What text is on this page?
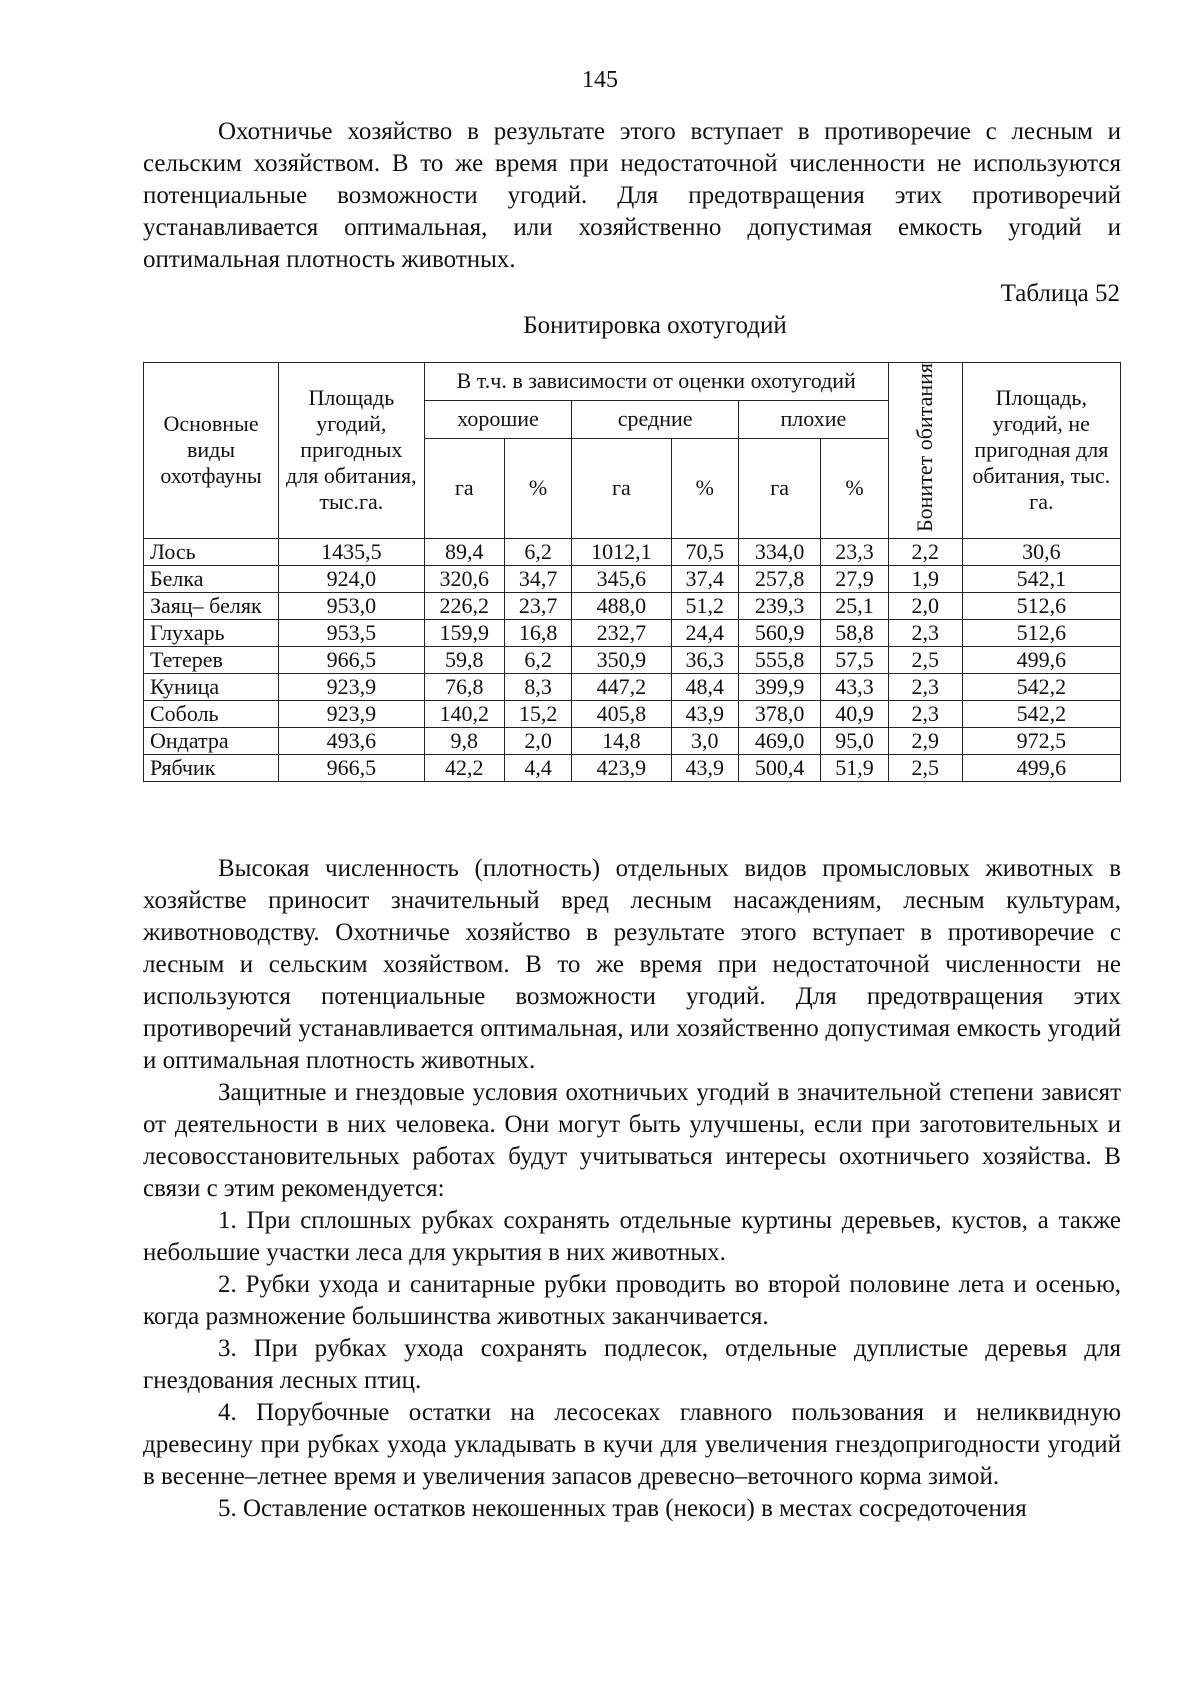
145

Охотничье хозяйство в результате этого вступает в противоречие с лесным и сельским хозяйством. В то же время при недостаточной численности не используются потенциальные возможности угодий. Для предотвращения этих противоречий устанавливается оптимальная, или хозяйственно допустимая емкость угодий и оптимальная плотность животных.

Таблица 52
Бонитировка охотугодий
Основные виды охотфауны	Площадь угодий, пригодных для обитания, тыс.га.	В т.ч. в зависимости от оценки охотугодий						Бонитет обитания	Площадь, угодий, не пригодная для обитания, тыс. га.
		хорошие		средние		плохие			
		га	%	га	%	га	%		
Лось	1435,5	89,4	6,2	1012,1	70,5	334,0	23,3	2,2	30,6
Белка	924,0	320,6	34,7	345,6	37,4	257,8	27,9	1,9	542,1
Заяц– беляк	953,0	226,2	23,7	488,0	51,2	239,3	25,1	2,0	512,6
Глухарь	953,5	159,9	16,8	232,7	24,4	560,9	58,8	2,3	512,6
Тетерев	966,5	59,8	6,2	350,9	36,3	555,8	57,5	2,5	499,6
Куница	923,9	76,8	8,3	447,2	48,4	399,9	43,3	2,3	542,2
Соболь	923,9	140,2	15,2	405,8	43,9	378,0	40,9	2,3	542,2
Ондатра	493,6	9,8	2,0	14,8	3,0	469,0	95,0	2,9	972,5
Рябчик	966,5	42,2	4,4	423,9	43,9	500,4	51,9	2,5	499,6

Высокая численность (плотность) отдельных видов промысловых животных в хозяйстве приносит значительный вред лесным насаждениям, лесным культурам, животноводству. Охотничье хозяйство в результате этого вступает в противоречие с лесным и сельским хозяйством. В то же время при недостаточной численности не используются потенциальные возможности угодий. Для предотвращения этих противоречий устанавливается оптимальная, или хозяйственно допустимая емкость угодий и оптимальная плотность животных.

Защитные и гнездовые условия охотничьих угодий в значительной степени зависят от деятельности в них человека. Они могут быть улучшены, если при заготовительных и лесовосстановительных работах будут учитываться интересы охотничьего хозяйства. В связи с этим рекомендуется:

1. При сплошных рубках сохранять отдельные куртины деревьев, кустов, а также небольшие участки леса для укрытия в них животных.

2. Рубки ухода и санитарные рубки проводить во второй половине лета и осенью, когда размножение большинства животных заканчивается.

3. При рубках ухода сохранять подлесок, отдельные дуплистые деревья для гнездования лесных птиц.

4. Порубочные остатки на лесосеках главного пользования и неликвидную древесину при рубках ухода укладывать в кучи для увеличения гнездопригодности угодий в весенне–летнее время и увеличения запасов древесно–веточного корма зимой.

5. Оставление остатков некошенных трав (некоси) в местах сосредоточения
